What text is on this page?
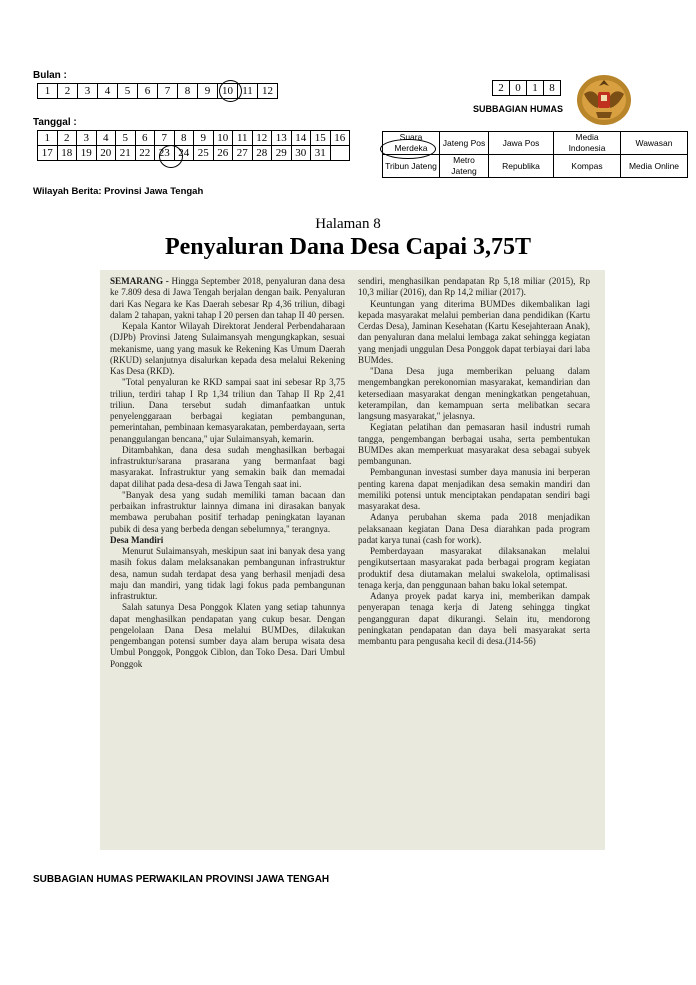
Bulan :
1	2	3	4	5	6	7	8	9	10	11	12
Tanggal :
1	2	3	4	5	6	7	8	9	10	11	12	13	14	15	16
17	18	19	20	21	22	23	24	25	26	27	28	29	30	31	
2	0	1	8
SUBBAGIAN HUMAS
Suara Merdeka	Jateng Pos	Jawa Pos	Media Indonesia	Wawasan
Tribun Jateng	Metro Jateng	Republika	Kompas	Media Online
Wilayah Berita: Provinsi Jawa Tengah
Halaman 8
Penyaluran Dana Desa Capai 3,75T

SEMARANG - Hingga September 2018, penyaluran dana desa ke 7.809 desa di Jawa Tengah berjalan dengan baik. Penyaluran dari Kas Negara ke Kas Daerah sebesar Rp 4,36 triliun, dibagi dalam 2 tahapan, yakni tahap I 20 persen dan tahap II 40 persen.

Kepala Kantor Wilayah Direktorat Jenderal Perbendaharaan (DJPb) Provinsi Jateng Sulaimansyah mengungkapkan, sesuai mekanisme, uang yang masuk ke Rekening Kas Umum Daerah (RKUD) selanjutnya disalurkan kepada desa melalui Rekening Kas Desa (RKD).

"Total penyaluran ke RKD sampai saat ini sebesar Rp 3,75 triliun, terdiri tahap I Rp 1,34 triliun dan Tahap II Rp 2,41 triliun. Dana tersebut sudah dimanfaatkan untuk penyelenggaraan berbagai kegiatan pembangunan, pemerintahan, pembinaan kemasyarakatan, pemberdayaan, serta penanggulangan bencana," ujar Sulaimansyah, kemarin.

Ditambahkan, dana desa sudah menghasilkan berbagai infrastruktur/sarana prasarana yang bermanfaat bagi masyarakat. Infrastruktur yang semakin baik dan memadai dapat dilihat pada desa-desa di Jawa Tengah saat ini.

"Banyak desa yang sudah memiliki taman bacaan dan perbaikan infrastruktur lainnya dimana ini dirasakan banyak membawa perubahan positif terhadap peningkatan layanan pubik di desa yang berbeda dengan sebelumnya," terangnya.

Desa Mandiri

Menurut Sulaimansyah, meskipun saat ini banyak desa yang masih fokus dalam melaksanakan pembangunan infrastruktur desa, namun sudah terdapat desa yang berhasil menjadi desa maju dan mandiri, yang tidak lagi fokus pada pembangunan infrastruktur.

Salah satunya Desa Ponggok Klaten yang setiap tahunnya dapat menghasilkan pendapatan yang cukup besar. Dengan pengelolaan Dana Desa melalui BUMDes, dilakukan pengembangan potensi sumber daya alam berupa wisata desa Umbul Ponggok, Ponggok Ciblon, dan Toko Desa. Dari Umbul Ponggok

sendiri, menghasilkan pendapatan Rp 5,18 miliar (2015), Rp 10,3 miliar (2016), dan Rp 14,2 miliar (2017).

Keuntungan yang diterima BUMDes dikembalikan lagi kepada masyarakat melalui pemberian dana pendidikan (Kartu Cerdas Desa), Jaminan Kesehatan (Kartu Kesejahteraan Anak), dan penyaluran dana melalui lembaga zakat sehingga kegiatan yang menjadi unggulan Desa Ponggok dapat terbiayai dari laba BUMdes.

"Dana Desa juga memberikan peluang dalam mengembangkan perekonomian masyarakat, kemandirian dan ketersediaan masyarakat dengan meningkatkan pengetahuan, keterampilan, dan kemampuan serta melibatkan secara langsung masyarakat," jelasnya.

Kegiatan pelatihan dan pemasaran hasil industri rumah tangga, pengembangan berbagai usaha, serta pembentukan BUMDes akan memperkuat masyarakat desa sebagai subyek pembangunan.

Pembangunan investasi sumber daya manusia ini berperan penting karena dapat menjadikan desa semakin mandiri dan memiliki potensi untuk menciptakan pendapatan sendiri bagi masyarakat desa.

Adanya perubahan skema pada 2018 menjadikan pelaksanaan kegiatan Dana Desa diarahkan pada program padat karya tunai (cash for work).

Pemberdayaan masyarakat dilaksanakan melalui pengikutsertaan masyarakat pada berbagai program kegiatan produktif desa diutamakan melalui swakelola, optimalisasi tenaga kerja, dan penggunaan bahan baku lokal setempat.

Adanya proyek padat karya ini, memberikan dampak penyerapan tenaga kerja di Jateng sehingga tingkat pengangguran dapat dikurangi. Selain itu, mendorong peningkatan pendapatan dan daya beli masyarakat serta membantu para pengusaha kecil di desa.(J14-56)

SUBBAGIAN HUMAS PERWAKILAN PROVINSI JAWA TENGAH
